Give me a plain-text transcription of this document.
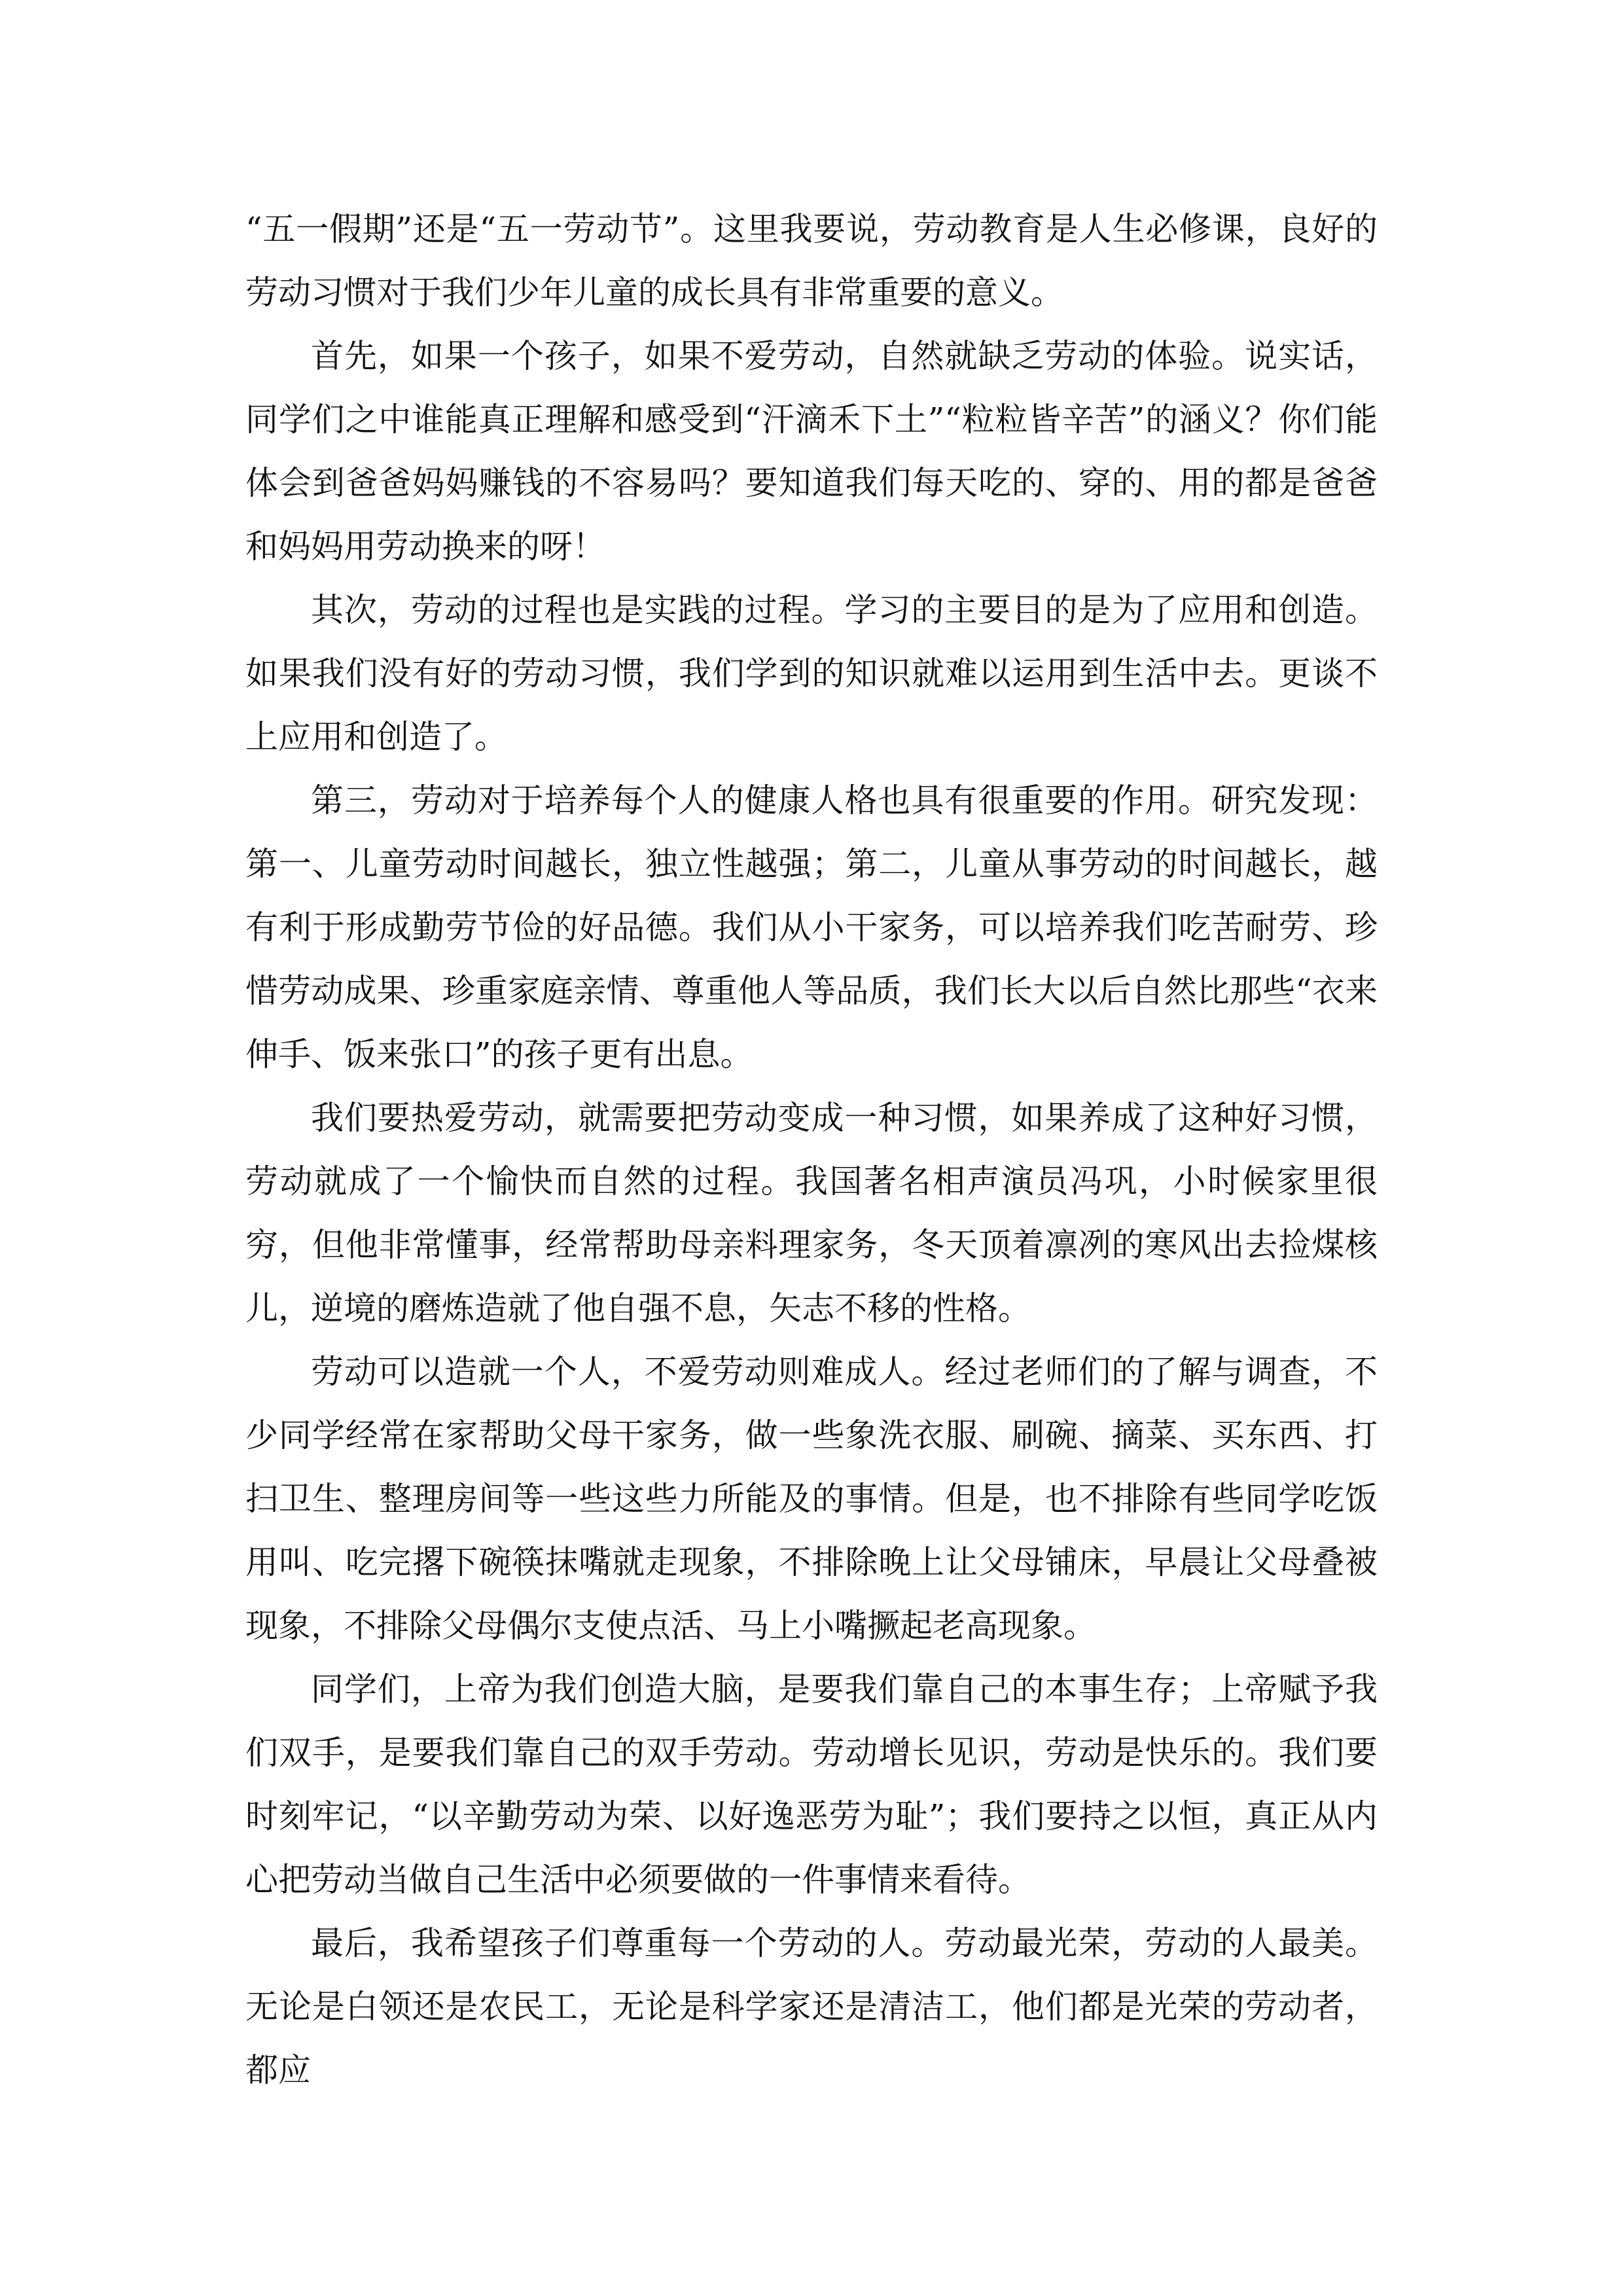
“五一假期”还是“五一劳动节”。这里我要说，劳动教育是人生必修课，良好的劳动习惯对于我们少年儿童的成长具有非常重要的意义。

首先，如果一个孩子，如果不爱劳动，自然就缺乏劳动的体验。说实话，同学们之中谁能真正理解和感受到“汗滴禾下土”“粒粒皆辛苦”的涵义？你们能体会到爸爸妈妈赚钱的不容易吗？要知道我们每天吃的、穿的、用的都是爸爸和妈妈用劳动换来的呀！

其次，劳动的过程也是实践的过程。学习的主要目的是为了应用和创造。如果我们没有好的劳动习惯，我们学到的知识就难以运用到生活中去。更谈不上应用和创造了。

第三，劳动对于培养每个人的健康人格也具有很重要的作用。研究发现：第一、儿童劳动时间越长，独立性越强；第二，儿童从事劳动的时间越长，越有利于形成勤劳节俭的好品德。我们从小干家务，可以培养我们吃苦耐劳、珍惜劳动成果、珍重家庭亲情、尊重他人等品质，我们长大以后自然比那些“衣来伸手、饭来张口”的孩子更有出息。

我们要热爱劳动，就需要把劳动变成一种习惯，如果养成了这种好习惯，劳动就成了一个愉快而自然的过程。我国著名相声演员冯巩，小时候家里很穷，但他非常懂事，经常帮助母亲料理家务，冬天顶着凛冽的寒风出去捡煤核儿，逆境的磨炼造就了他自强不息，矢志不移的性格。

劳动可以造就一个人，不爱劳动则难成人。经过老师们的了解与调查，不少同学经常在家帮助父母干家务，做一些象洗衣服、刷碗、摘菜、买东西、打扫卫生、整理房间等一些这些力所能及的事情。但是，也不排除有些同学吃饭用叫、吃完撂下碗筷抹嘴就走现象，不排除晚上让父母铺床，早晨让父母叠被现象，不排除父母偶尔支使点活、马上小嘴撅起老高现象。

同学们，上帝为我们创造大脑，是要我们靠自己的本事生存；上帝赋予我们双手，是要我们靠自己的双手劳动。劳动增长见识，劳动是快乐的。我们要时刻牢记，“以辛勤劳动为荣、以好逸恶劳为耻”；我们要持之以恒，真正从内心把劳动当做自己生活中必须要做的一件事情来看待。

最后，我希望孩子们尊重每一个劳动的人。劳动最光荣，劳动的人最美。无论是白领还是农民工，无论是科学家还是清洁工，他们都是光荣的劳动者，都应
